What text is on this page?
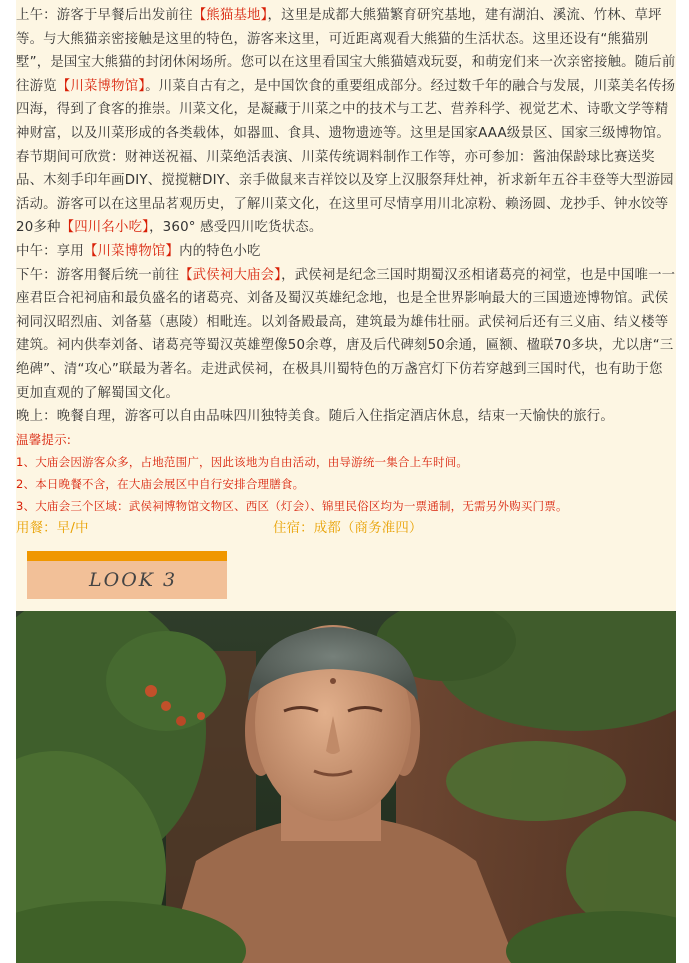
上午：游客于早餐后出发前往【熊猫基地】，这里是成都大熊猫繁育研究基地，建有湖泊、溪流、竹林、草坪等。与大熊猫亲密接触是这里的特色，游客来这里，可近距离观看大熊猫的生活状态。这里还设有“熊猫别墅”，是国宝大熊猫的封闭休闲场所。您可以在这里看国宝大熊猫嬉戏玩耍，和萌宠们来一次亲密接触。随后前往游览【川菜博物馆】。川菜自古有之，是中国饮食的重要组成部分。经过数千年的融合与发展，川菜美名传扬四海，得到了食客的推崇。川菜文化，是凝藏于川菜之中的技术与工艺、营养科学、视觉艺术、诗歌文学等精神财富，以及川菜形成的各类载体，如器皿、食具、遗物遗迹等。这里是国家AAA级景区、国家三级博物馆。春节期间可欣赏：财神送祝福、川菜绝活表演、川菜传统调料制作工作等，亦可参加：酱油保龄球比赛送奖品、木刻手印年画DIY、搅搅糖DIY、亲手做鼠来吉祥饺以及穿上汉服祭拜灶神，祈求新年五谷丰登等大型游园活动。游客可以在这里品茗观历史，了解川菜文化，在这里可尽情享用川北凉粉、赖汤圆、龙抄手、钟水饺等20多种【四川名小吃】，360° 感受四川吃货状态。

中午：享用【川菜博物馆】内的特色小吃

下午：游客用餐后统一前往【武侯祠大庙会】，武侯祠是纪念三国时期蜀汉丞相诸葛亮的祠堂，也是中国唯一一座君臣合祀祠庙和最负盛名的诸葛亮、刘备及蜀汉英雄纪念地，也是全世界影响最大的三国遗迹博物馆。武侯祠同汉昭烈庙、刘备墓（惠陵）相毗连。以刘备殿最高，建筑最为雄伟壮丽。武侯祠后还有三义庙、结义楼等建筑。祠内供奉刘备、诸葛亮等蜀汉英雄塑像50余尊，唐及后代碑刻50余通，匾额、楹联70多块，尤以唐“三绝碑”、清“攻心”联最为著名。走进武侯祠，在极具川蜀特色的万盏宫灯下仿若穿越到三国时代，也有助于您更加直观的了解蜀国文化。

晚上：晚餐自理，游客可以自由品味四川独特美食。随后入住指定酒店休息，结束一天愉快的旅行。

温馨提示:

1、大庙会因游客众多，占地范围广，因此该地为自由活动，由导游统一集合上车时间。

2、本日晚餐不含，在大庙会展区中自行安排合理膳食。

3、大庙会三个区域：武侯祠博物馆文物区、西区（灯会）、锦里民俗区均为一票通制，无需另外购买门票。

用餐：早/中	住宿：成都（商务准四）
LOOK 3
